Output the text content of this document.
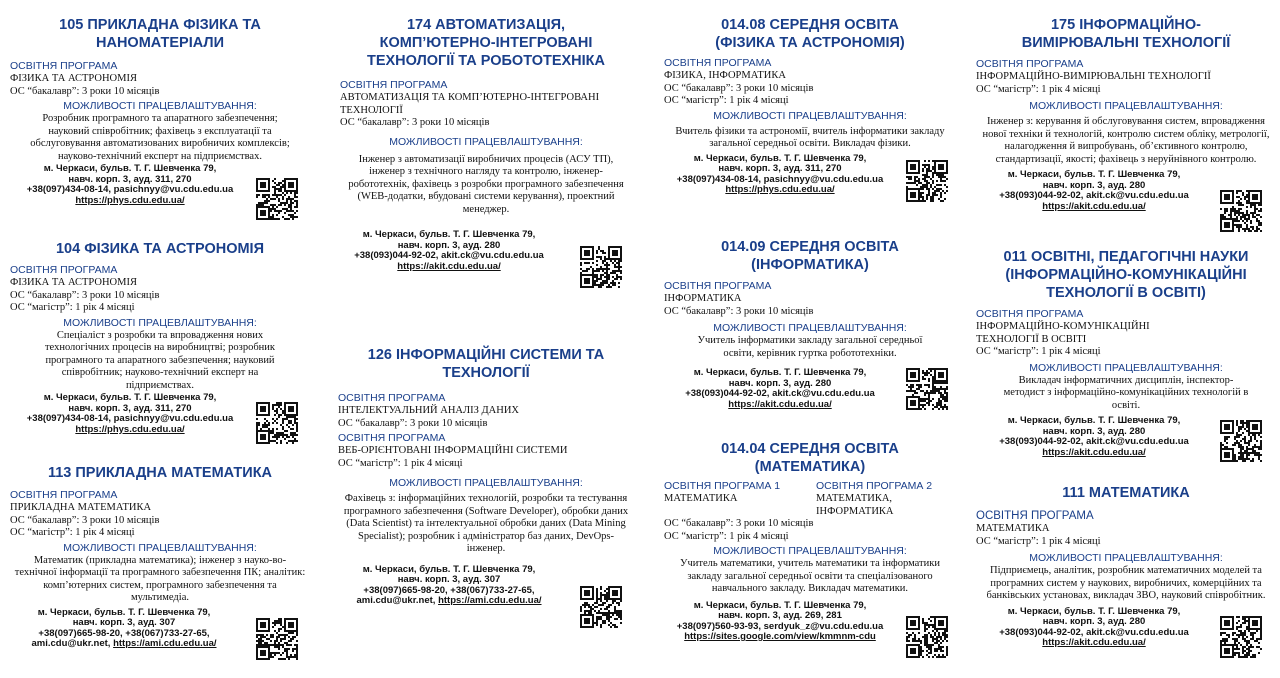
105 ПРИКЛАДНА ФІЗИКА ТА
НАНОМАТЕРІАЛИ
ОСВІТНЯ ПРОГРАМА
ФІЗИКА ТА АСТРОНОМІЯ
ОС “бакалавр”: 3 роки 10 місяців
МОЖЛИВОСТІ ПРАЦЕВЛАШТУВАННЯ:
Розробник програмного та апаратного забезпечення; науковий співробітник; фахівець з експлуатації та обслуговування автоматизованих виробничих комплексів; науково-технічний експерт на підприємствах.
м. Черкаси, бульв. Т. Г. Шевченка 79,
навч. корп. 3, ауд. 311, 270
+38(097)434-08-14, pasichnyy@vu.cdu.edu.ua
https://phys.cdu.edu.ua/
104 ФІЗИКА ТА АСТРОНОМІЯ
ОСВІТНЯ ПРОГРАМА
ФІЗИКА ТА АСТРОНОМІЯ
ОС “бакалавр”: 3 роки 10 місяців
ОС “магістр”: 1 рік 4 місяці
МОЖЛИВОСТІ ПРАЦЕВЛАШТУВАННЯ:
Спеціаліст з розробки та впровадження нових технологічних процесів на виробництві; розробник програмного та апаратного забезпечення; науковий співробітник; науково-технічний експерт на підприємствах.
м. Черкаси, бульв. Т. Г. Шевченка 79,
навч. корп. 3, ауд. 311, 270
+38(097)434-08-14, pasichnyy@vu.cdu.edu.ua
https://phys.cdu.edu.ua/
113 ПРИКЛАДНА МАТЕМАТИКА
ОСВІТНЯ ПРОГРАМА
ПРИКЛАДНА МАТЕМАТИКА
ОС “бакалавр”: 3 роки 10 місяців
ОС “магістр”: 1 рік 4 місяці
МОЖЛИВОСТІ ПРАЦЕВЛАШТУВАННЯ:
Математик (прикладна математика); інженер з науко-во-технічної інформації та програмного забезпечення ПК; аналітик: комп’ютерних систем, програмного забезпечення та мультимедіа.
м. Черкаси, бульв. Т. Г. Шевченка 79,
навч. корп. 3, ауд. 307
+38(097)665-98-20, +38(067)733-27-65,
ami.cdu@ukr.net, https://ami.cdu.edu.ua/
174 АВТОМАТИЗАЦІЯ,
КОМП’ЮТЕРНО-ІНТЕГРОВАНІ
ТЕХНОЛОГІЇ ТА РОБОТОТЕХНІКА
ОСВІТНЯ ПРОГРАМА
АВТОМАТИЗАЦІЯ ТА КОМП’ЮТЕРНО-ІНТЕГРОВАНІ ТЕХНОЛОГІЇ
ОС “бакалавр”: 3 роки 10 місяців
МОЖЛИВОСТІ ПРАЦЕВЛАШТУВАННЯ:
Інженер з автоматизації виробничих процесів (АСУ ТП), інженер з технічного нагляду та контролю, інженер-робототехнік, фахівець з розробки програмного забезпечення (WEB-додатки, вбудовані системи керування), проектний менеджер.
м. Черкаси, бульв. Т. Г. Шевченка 79,
навч. корп. 3, ауд. 280
+38(093)044-92-02, akit.ck@vu.cdu.edu.ua
https://akit.cdu.edu.ua/
126 ІНФОРМАЦІЙНІ СИСТЕМИ ТА
ТЕХНОЛОГІЇ
ОСВІТНЯ ПРОГРАМА
ІНТЕЛЕКТУАЛЬНИЙ АНАЛІЗ ДАНИХ
ОС “бакалавр”: 3 роки 10 місяців
ОСВІТНЯ ПРОГРАМА
ВЕБ-ОРІЄНТОВАНІ ІНФОРМАЦІЙНІ СИСТЕМИ
ОС “магістр”: 1 рік 4 місяці
МОЖЛИВОСТІ ПРАЦЕВЛАШТУВАННЯ:
Фахівець з: інформаційних технологій, розробки та тестування програмного забезпечення (Software Developer), обробки даних (Data Scientist) та інтелектуальної обробки даних (Data Mining Specialist); розробник і адміністратор баз даних, DevOps-інженер.
м. Черкаси, бульв. Т. Г. Шевченка 79,
навч. корп. 3, ауд. 307
+38(097)665-98-20, +38(067)733-27-65,
ami.cdu@ukr.net, https://ami.cdu.edu.ua/
014.08 СЕРЕДНЯ ОСВІТА
(ФІЗИКА ТА АСТРОНОМІЯ)
ОСВІТНЯ ПРОГРАМА
ФІЗИКА, ІНФОРМАТИКА
ОС “бакалавр”: 3 роки 10 місяців
ОС “магістр”: 1 рік 4 місяці
МОЖЛИВОСТІ ПРАЦЕВЛАШТУВАННЯ:
Вчитель фізики та астрономії, вчитель інформатики закладу загальної середньої освіти. Викладач фізики.
м. Черкаси, бульв. Т. Г. Шевченка 79,
навч. корп. 3, ауд. 311, 270
+38(097)434-08-14, pasichnyy@vu.cdu.edu.ua
https://phys.cdu.edu.ua/
014.09 СЕРЕДНЯ ОСВІТА
(ІНФОРМАТИКА)
ОСВІТНЯ ПРОГРАМА
ІНФОРМАТИКА
ОС “бакалавр”: 3 роки 10 місяців
МОЖЛИВОСТІ ПРАЦЕВЛАШТУВАННЯ:
Учитель інформатики закладу загальної середньої освіти, керівник гуртка робототехніки.
м. Черкаси, бульв. Т. Г. Шевченка 79,
навч. корп. 3, ауд. 280
+38(093)044-92-02, akit.ck@vu.cdu.edu.ua
https://akit.cdu.edu.ua/
014.04 СЕРЕДНЯ ОСВІТА
(МАТЕМАТИКА)
ОСВІТНЯ ПРОГРАМА 1
МАТЕМАТИКА
ОСВІТНЯ ПРОГРАМА 2
МАТЕМАТИКА, ІНФОРМАТИКА
ОС “бакалавр”: 3 роки 10 місяців
ОС “магістр”: 1 рік 4 місяці
МОЖЛИВОСТІ ПРАЦЕВЛАШТУВАННЯ:
Учитель математики, учитель математики та інформатики закладу загальної середньої освіти та спеціалізованого навчального закладу. Викладач математики.
м. Черкаси, бульв. Т. Г. Шевченка 79,
навч. корп. 3, ауд. 269, 281
+38(097)560-93-93, serdyuk_z@vu.cdu.edu.ua
https://sites.google.com/view/kmmnm-cdu
175 ІНФОРМАЦІЙНО-
ВИМІРЮВАЛЬНІ ТЕХНОЛОГІЇ
ОСВІТНЯ ПРОГРАМА
ІНФОРМАЦІЙНО-ВИМІРЮВАЛЬНІ ТЕХНОЛОГІЇ
ОС “магістр”: 1 рік 4 місяці
МОЖЛИВОСТІ ПРАЦЕВЛАШТУВАННЯ:
Інженер з: керування й обслуговування систем, впровадження нової техніки й технологій, контролю систем обліку, метрології, налагодження й випробувань, об’єктивного контролю, стандартизації, якості; фахівець з неруйнівного контролю.
м. Черкаси, бульв. Т. Г. Шевченка 79,
навч. корп. 3, ауд. 280
+38(093)044-92-02, akit.ck@vu.cdu.edu.ua
https://akit.cdu.edu.ua/
011 ОСВІТНІ, ПЕДАГОГІЧНІ НАУКИ
(ІНФОРМАЦІЙНО-КОМУНІКАЦІЙНІ
ТЕХНОЛОГІЇ В ОСВІТІ)
ОСВІТНЯ ПРОГРАМА
ІНФОРМАЦІЙНО-КОМУНІКАЦІЙНІ ТЕХНОЛОГІЇ В ОСВІТІ
ОС “магістр”: 1 рік 4 місяці
МОЖЛИВОСТІ ПРАЦЕВЛАШТУВАННЯ:
Викладач інформатичних дисциплін, інспектор-методист з інформаційно-комунікаційних технологій в освіті.
м. Черкаси, бульв. Т. Г. Шевченка 79,
навч. корп. 3, ауд. 280
+38(093)044-92-02, akit.ck@vu.cdu.edu.ua
https://akit.cdu.edu.ua/
111 МАТЕМАТИКА
ОСВІТНЯ ПРОГРАМА
МАТЕМАТИКА
ОС “магістр”: 1 рік 4 місяці
МОЖЛИВОСТІ ПРАЦЕВЛАШТУВАННЯ:
Підприємець, аналітик, розробник математичних моделей та програмних систем у наукових, виробничих, комерційних та банківських установах, викладач ЗВО, науковий співробітник.
м. Черкаси, бульв. Т. Г. Шевченка 79,
навч. корп. 3, ауд. 280
+38(093)044-92-02, akit.ck@vu.cdu.edu.ua
https://akit.cdu.edu.ua/
